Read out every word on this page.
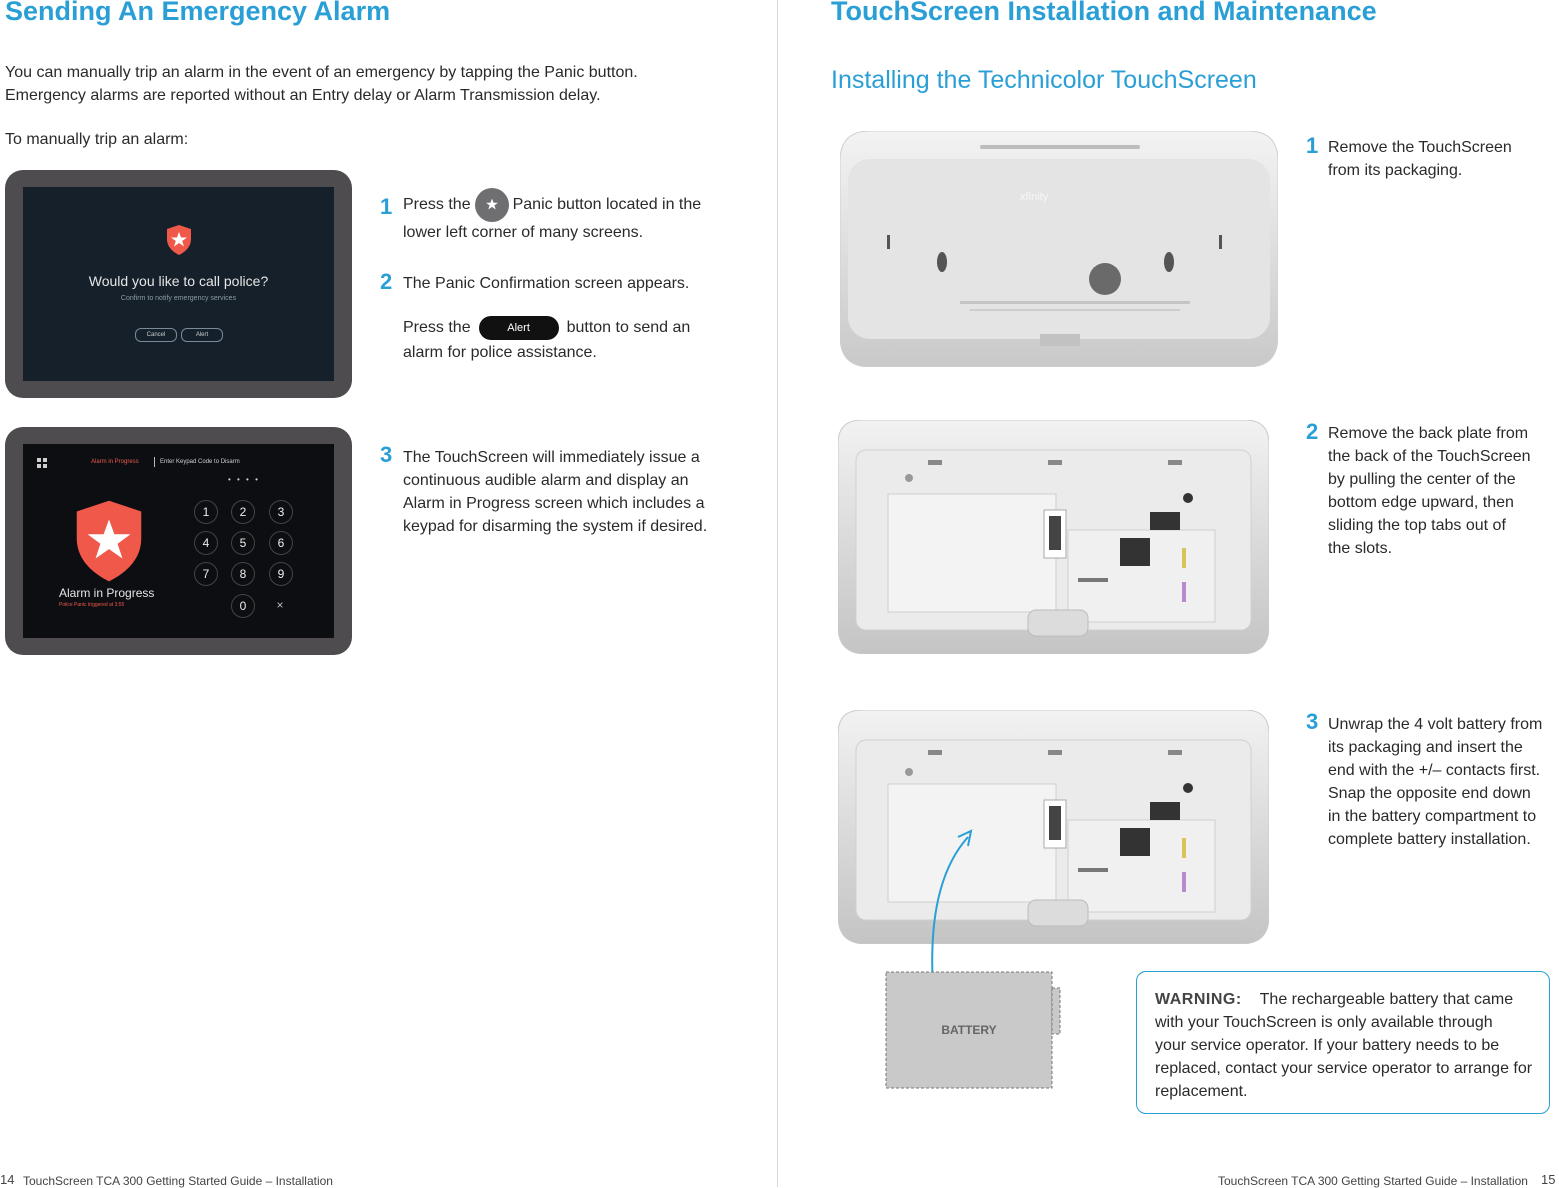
Sending An Emergency Alarm
You can manually trip an alarm in the event of an emergency by tapping the Panic button.
Emergency alarms are reported without an Entry delay or Alarm Transmission delay.
To manually trip an alarm:
Would you like to call police?
Confirm to notify emergency services
Cancel	Alert
Alarm in Progress	Enter Keypad Code to Disarm
• • • •
Alarm in Progress
Police Panic triggered at 3:55
1	2	3
4	5	6
7	8	9
0	×
1 Press the	Panic button located in the
lower left corner of many screens.
2 The Panic Confirmation screen appears.
Press the	Alert button to send an
alarm for police assistance.
3 The TouchScreen will immediately issue a
continuous audible alarm and display an
Alarm in Progress screen which includes a
keypad for disarming the system if desired.
14 TouchScreen TCA 300 Getting Started Guide – Installation
TouchScreen Installation and Maintenance
Installing the Technicolor TouchScreen
xfinity
BATTERY
1 Remove the TouchScreen
from its packaging.
2 Remove the back plate from
the back of the TouchScreen
by pulling the center of the
bottom edge upward, then
sliding the top tabs out of
the slots.
3 Unwrap the 4 volt battery from
its packaging and insert the
end with the +/– contacts first.
Snap the opposite end down
in the battery compartment to
complete battery installation.
WARNING: The rechargeable battery that came
with your TouchScreen is only available through
your service operator. If your battery needs to be
replaced, contact your service operator to arrange for
replacement.
TouchScreen TCA 300 Getting Started Guide – Installation 15
